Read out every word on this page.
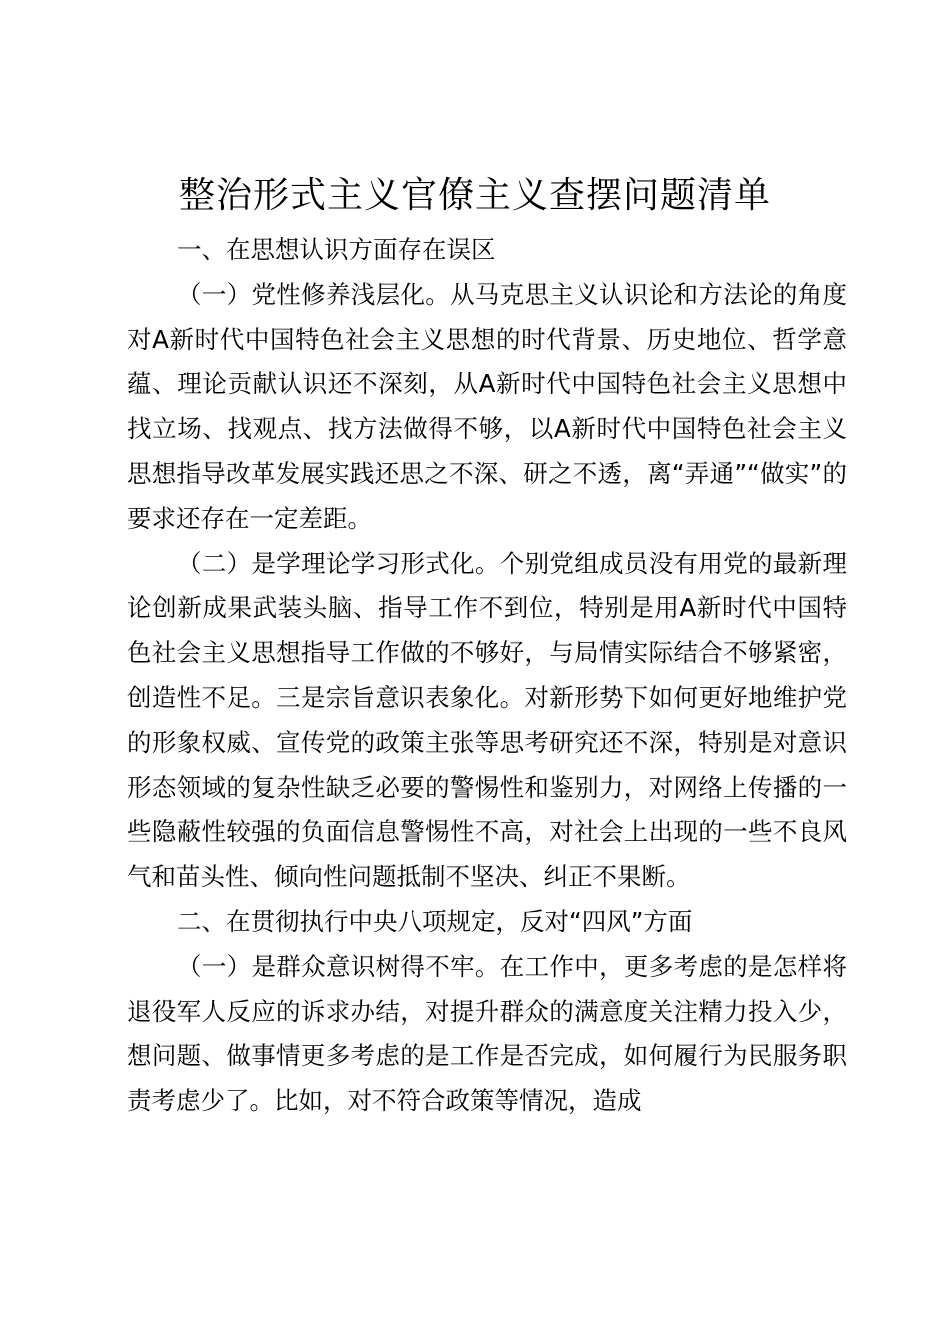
整治形式主义官僚主义查摆问题清单

一、在思想认识方面存在误区

（一）党性修养浅层化。从马克思主义认识论和方法论的角度对A新时代中国特色社会主义思想的时代背景、历史地位、哲学意蕴、理论贡献认识还不深刻，从A新时代中国特色社会主义思想中找立场、找观点、找方法做得不够，以A新时代中国特色社会主义思想指导改革发展实践还思之不深、研之不透，离“弄通”“做实”的要求还存在一定差距。

（二）是学理论学习形式化。个别党组成员没有用党的最新理论创新成果武装头脑、指导工作不到位，特别是用A新时代中国特色社会主义思想指导工作做的不够好，与局情实际结合不够紧密，创造性不足。三是宗旨意识表象化。对新形势下如何更好地维护党的形象权威、宣传党的政策主张等思考研究还不深，特别是对意识形态领域的复杂性缺乏必要的警惕性和鉴别力，对网络上传播的一些隐蔽性较强的负面信息警惕性不高，对社会上出现的一些不良风气和苗头性、倾向性问题抵制不坚决、纠正不果断。

二、在贯彻执行中央八项规定，反对“四风”方面

（一）是群众意识树得不牢。在工作中，更多考虑的是怎样将退役军人反应的诉求办结，对提升群众的满意度关注精力投入少，想问题、做事情更多考虑的是工作是否完成，如何履行为民服务职责考虑少了。比如，对不符合政策等情况，造成
